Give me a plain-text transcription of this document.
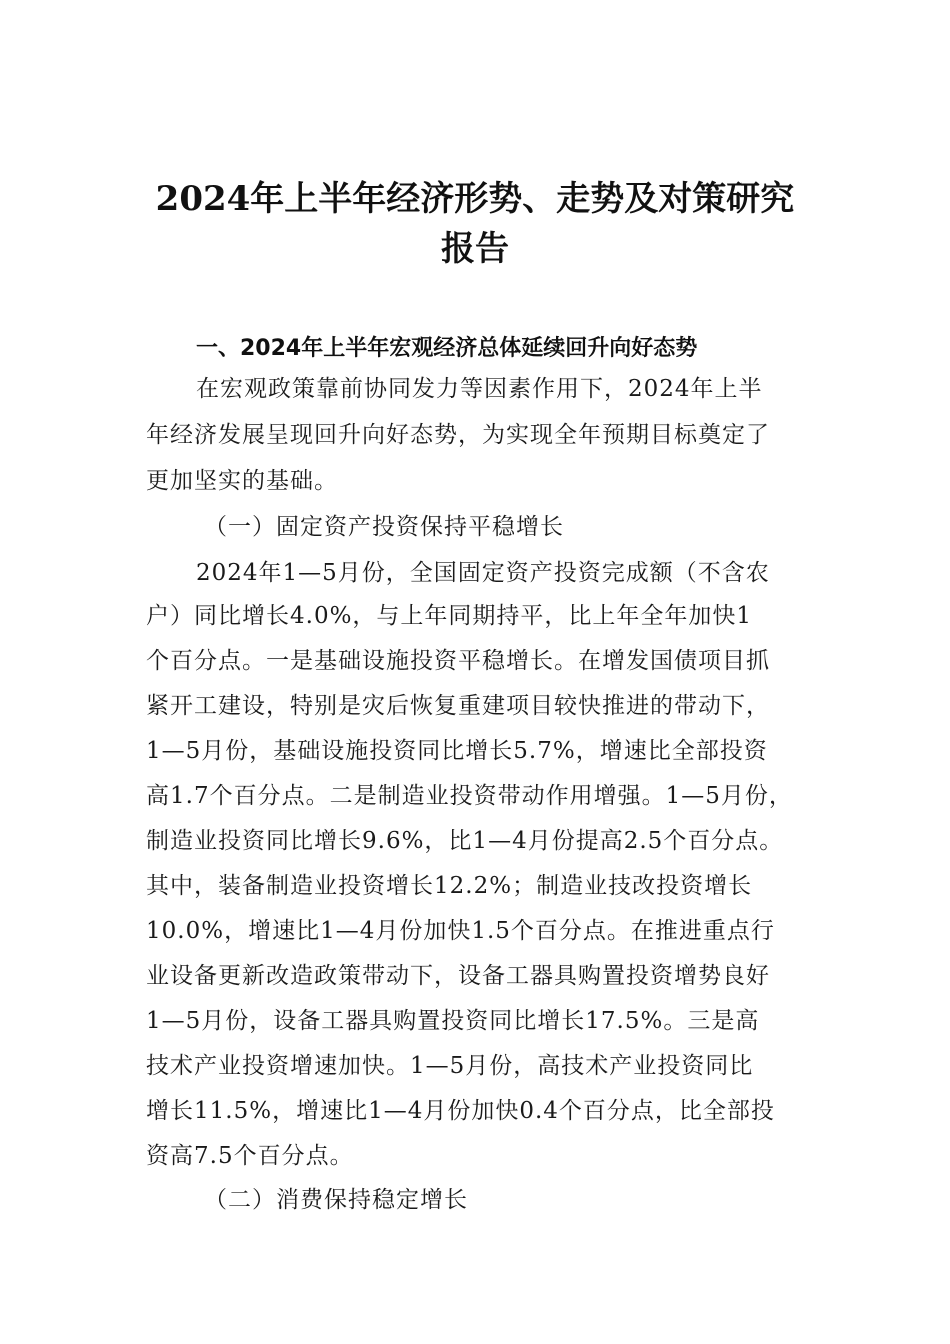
2024年上半年经济形势、走势及对策研究
报告
一、2024年上半年宏观经济总体延续回升向好态势
在宏观政策靠前协同发力等因素作用下，2024年上半
年经济发展呈现回升向好态势，为实现全年预期目标奠定了
更加坚实的基础。
（一）固定资产投资保持平稳增长
2024年1—5月份，全国固定资产投资完成额（不含农
户）同比增长4.0%，与上年同期持平，比上年全年加快1
个百分点。一是基础设施投资平稳增长。在增发国债项目抓
紧开工建设，特别是灾后恢复重建项目较快推进的带动下，
1—5月份，基础设施投资同比增长5.7%，增速比全部投资
高1.7个百分点。二是制造业投资带动作用增强。1—5月份，
制造业投资同比增长9.6%，比1—4月份提高2.5个百分点。
其中，装备制造业投资增长12.2%；制造业技改投资增长
10.0%，增速比1—4月份加快1.5个百分点。在推进重点行
业设备更新改造政策带动下，设备工器具购置投资增势良好
1—5月份，设备工器具购置投资同比增长17.5%。三是高
技术产业投资增速加快。1—5月份，高技术产业投资同比
增长11.5%，增速比1—4月份加快0.4个百分点，比全部投
资高7.5个百分点。
（二）消费保持稳定增长
